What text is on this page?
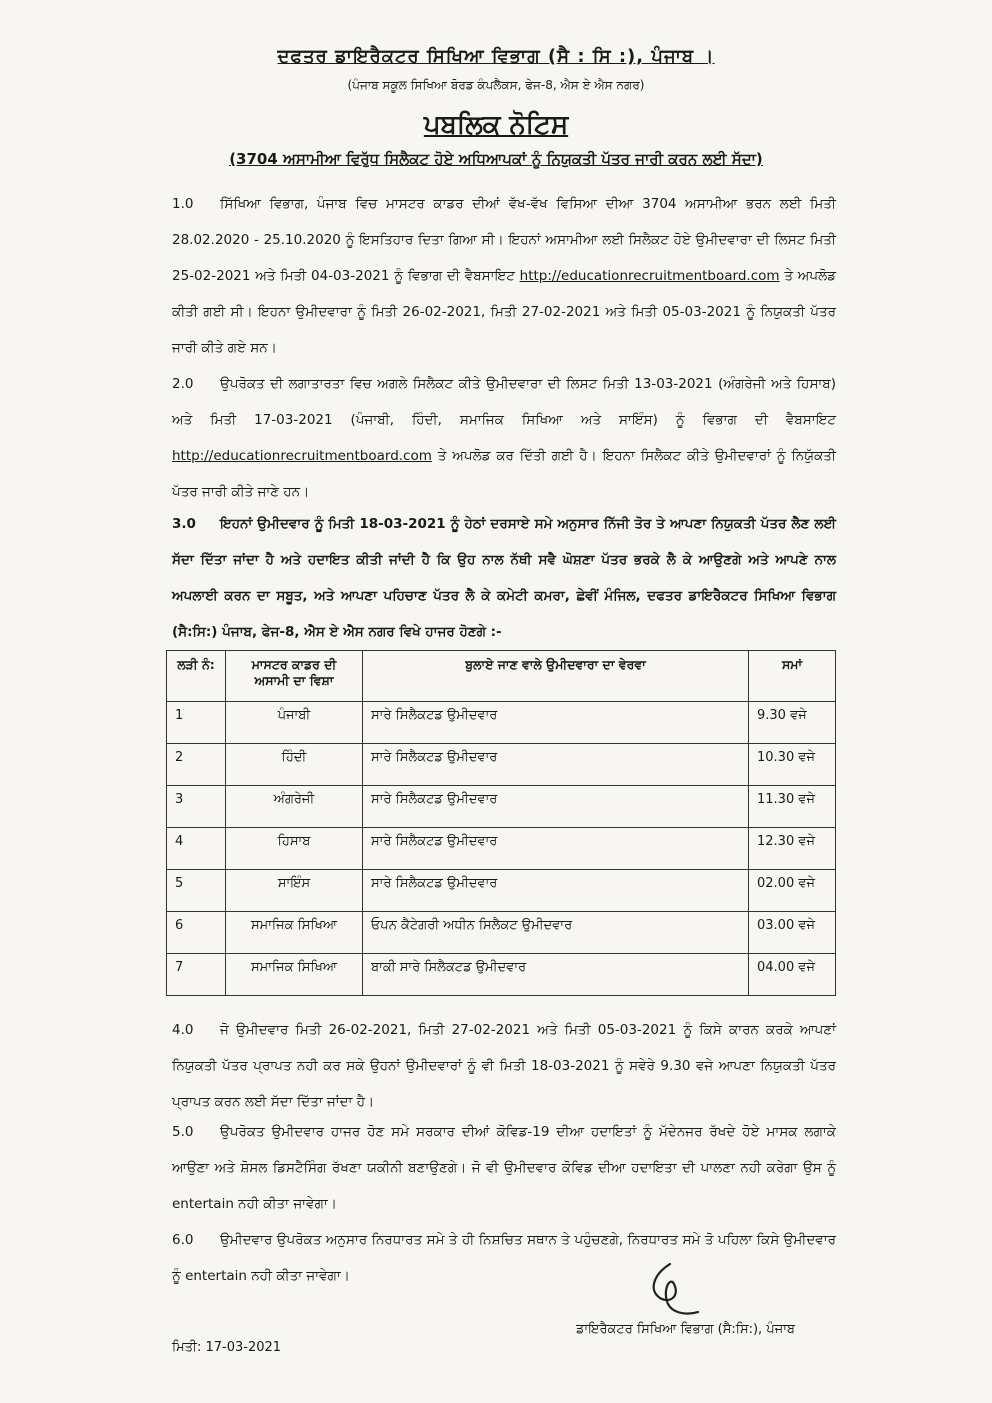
ਦਫਤਰ ਡਾਇਰੈਕਟਰ ਸਿਖਿਆ ਵਿਭਾਗ (ਸੈ : ਸਿ :), ਪੰਜਾਬ ।
(ਪੰਜਾਬ ਸਕੂਲ ਸਿਖਿਆ ਬੋਰਡ ਕੰਪਲੈਕਸ, ਫੇਜ-8, ਐਸ ਏ ਐਸ ਨਗਰ)
ਪਬਲਿਕ ਨੋਟਿਸ
(3704 ਅਸਾਮੀਆ ਵਿਰੁੱਧ ਸਿਲੈਕਟ ਹੋਏ ਅਧਿਆਪਕਾਂ ਨੂੰ ਨਿਯੁਕਤੀ ਪੱਤਰ ਜਾਰੀ ਕਰਨ ਲਈ ਸੱਦਾ)
1.0 ਸਿੱਖਿਆ ਵਿਭਾਗ, ਪੰਜਾਬ ਵਿਚ ਮਾਸਟਰ ਕਾਡਰ ਦੀਆਂ ਵੱਖ-ਵੱਖ ਵਿਸਿਆ ਦੀਆ 3704 ਅਸਾਮੀਆ ਭਰਨ ਲਈ ਮਿਤੀ 28.02.2020 - 25.10.2020 ਨੂੰ ਇਸਤਿਹਾਰ ਦਿਤਾ ਗਿਆ ਸੀ। ਇਹਨਾਂ ਅਸਾਮੀਆ ਲਈ ਸਿਲੈਕਟ ਹੋਏ ਉਮੀਦਵਾਰਾ ਦੀ ਲਿਸਟ ਮਿਤੀ 25-02-2021 ਅਤੇ ਮਿਤੀ 04-03-2021 ਨੂੰ ਵਿਭਾਗ ਦੀ ਵੈਬਸਾਇਟ http://educationrecruitmentboard.com ਤੇ ਅਪਲੋਡ ਕੀਤੀ ਗਈ ਸੀ। ਇਹਨਾ ਉਮੀਦਵਾਰਾ ਨੂੰ ਮਿਤੀ 26-02-2021, ਮਿਤੀ 27-02-2021 ਅਤੇ ਮਿਤੀ 05-03-2021 ਨੂੰ ਨਿਯੁਕਤੀ ਪੱਤਰ ਜਾਰੀ ਕੀਤੇ ਗਏ ਸਨ।
2.0 ਉਪਰੋਕਤ ਦੀ ਲਗਾਤਾਰਤਾ ਵਿਚ ਅਗਲੇ ਸਿਲੈਕਟ ਕੀਤੇ ਉਮੀਦਵਾਰਾ ਦੀ ਲਿਸਟ ਮਿਤੀ 13-03-2021 (ਅੰਗਰੇਜੀ ਅਤੇ ਹਿਸਾਬ) ਅਤੇ ਮਿਤੀ 17-03-2021 (ਪੰਜਾਬੀ, ਹਿੰਦੀ, ਸਮਾਜਿਕ ਸਿਖਿਆ ਅਤੇ ਸਾਇੰਸ) ਨੂੰ ਵਿਭਾਗ ਦੀ ਵੈਬਸਾਇਟ http://educationrecruitmentboard.com ਤੇ ਅਪਲੋਡ ਕਰ ਦਿੱਤੀ ਗਈ ਹੈ। ਇਹਨਾ ਸਿਲੈਕਟ ਕੀਤੇ ਉਮੀਦਵਾਰਾਂ ਨੂੰ ਨਿਯੁੱਕਤੀ ਪੱਤਰ ਜਾਰੀ ਕੀਤੇ ਜਾਣੇ ਹਨ।
3.0 ਇਹਨਾਂ ਉਮੀਦਵਾਰ ਨੂੰ ਮਿਤੀ 18-03-2021 ਨੂੰ ਹੇਠਾਂ ਦਰਸਾਏ ਸਮੇ ਅਨੁਸਾਰ ਨਿੱਜੀ ਤੋਰ ਤੇ ਆਪਣਾ ਨਿਯੁਕਤੀ ਪੱਤਰ ਲੈਣ ਲਈ ਸੱਦਾ ਦਿੱਤਾ ਜਾਂਦਾ ਹੈ ਅਤੇ ਹਦਾਇਤ ਕੀਤੀ ਜਾਂਦੀ ਹੈ ਕਿ ਉਹ ਨਾਲ ਨੱਥੀ ਸਵੈ ਘੋਸ਼ਣਾ ਪੱਤਰ ਭਰਕੇ ਲੈ ਕੇ ਆਉਣਗੇ ਅਤੇ ਆਪਣੇ ਨਾਲ ਅਪਲਾਈ ਕਰਨ ਦਾ ਸਬੂਤ, ਅਤੇ ਆਪਣਾ ਪਹਿਚਾਣ ਪੱਤਰ ਲੈ ਕੇ ਕਮੇਟੀ ਕਮਰਾ, ਛੇਵੀਂ ਮੰਜਿਲ, ਦਫਤਰ ਡਾਇਰੈਕਟਰ ਸਿਖਿਆ ਵਿਭਾਗ (ਸੈ:ਸਿ:) ਪੰਜਾਬ, ਫੇਜ-8, ਐਸ ਏ ਐਸ ਨਗਰ ਵਿਖੇ ਹਾਜਰ ਹੋਣਗੇ :-
ਲੜੀ ਨੰ:	ਮਾਸਟਰ ਕਾਡਰ ਦੀ ਅਸਾਮੀ ਦਾ ਵਿਸ਼ਾ	ਬੁਲਾਏ ਜਾਣ ਵਾਲੇ ਉਮੀਦਵਾਰਾ ਦਾ ਵੇਰਵਾ	ਸਮਾਂ
1	ਪੰਜਾਬੀ	ਸਾਰੇ ਸਿਲੈਕਟਡ ਉਮੀਦਵਾਰ	9.30 ਵਜੇ
2	ਹਿੰਦੀ	ਸਾਰੇ ਸਿਲੈਕਟਡ ਉਮੀਦਵਾਰ	10.30 ਵਜੇ
3	ਅੰਗਰੇਜੀ	ਸਾਰੇ ਸਿਲੈਕਟਡ ਉਮੀਦਵਾਰ	11.30 ਵਜੇ
4	ਹਿਸਾਬ	ਸਾਰੇ ਸਿਲੈਕਟਡ ਉਮੀਦਵਾਰ	12.30 ਵਜੇ
5	ਸਾਇੰਸ	ਸਾਰੇ ਸਿਲੈਕਟਡ ਉਮੀਦਵਾਰ	02.00 ਵਜੇ
6	ਸਮਾਜਿਕ ਸਿਖਿਆ	ਓਪਨ ਕੈਟੇਗਰੀ ਅਧੀਨ ਸਿਲੈਕਟ ਉਮੀਦਵਾਰ	03.00 ਵਜੇ
7	ਸਮਾਜਿਕ ਸਿਖਿਆ	ਬਾਕੀ ਸਾਰੇ ਸਿਲੈਕਟਡ ਉਮੀਦਵਾਰ	04.00 ਵਜੇ
4.0 ਜੋ ਉਮੀਦਵਾਰ ਮਿਤੀ 26-02-2021, ਮਿਤੀ 27-02-2021 ਅਤੇ ਮਿਤੀ 05-03-2021 ਨੂੰ ਕਿਸੇ ਕਾਰਨ ਕਰਕੇ ਆਪਣਾਂ ਨਿਯੁਕਤੀ ਪੱਤਰ ਪ੍ਰਾਪਤ ਨਹੀ ਕਰ ਸਕੇ ਉਹਨਾਂ ਉਮੀਦਵਾਰਾਂ ਨੂੰ ਵੀ ਮਿਤੀ 18-03-2021 ਨੂੰ ਸਵੇਰੇ 9.30 ਵਜੇ ਆਪਣਾ ਨਿਯੁਕਤੀ ਪੱਤਰ ਪ੍ਰਾਪਤ ਕਰਨ ਲਈ ਸੱਦਾ ਦਿੱਤਾ ਜਾਂਦਾ ਹੈ।
5.0 ਉਪਰੋਕਤ ਉਮੀਦਵਾਰ ਹਾਜਰ ਹੋਣ ਸਮੇ ਸਰਕਾਰ ਦੀਆਂ ਕੋਵਿਡ-19 ਦੀਆ ਹਦਾਇਤਾਂ ਨੂੰ ਮੱਦੇਨਜਰ ਰੱਖਦੇ ਹੋਏ ਮਾਸਕ ਲਗਾਕੇ ਆਉਣਾ ਅਤੇ ਸ਼ੋਸਲ ਡਿਸਟੈਸਿੰਗ ਰੱਖਣਾ ਯਕੀਨੀ ਬਣਾਉਣਗੇ। ਜੋ ਵੀ ਉਮੀਦਵਾਰ ਕੋਵਿਡ ਦੀਆ ਹਦਾਇਤਾ ਦੀ ਪਾਲਣਾ ਨਹੀ ਕਰੇਗਾ ਉਸ ਨੂੰ entertain ਨਹੀ ਕੀਤਾ ਜਾਵੇਗਾ।
6.0 ਉਮੀਦਵਾਰ ਉਪਰੋਕਤ ਅਨੁਸਾਰ ਨਿਰਧਾਰਤ ਸਮੇ ਤੇ ਹੀ ਨਿਸ਼ਚਿਤ ਸਥਾਨ ਤੇ ਪਹੁੰਚਣਗੇ, ਨਿਰਧਾਰਤ ਸਮੇ ਤੋ ਪਹਿਲਾ ਕਿਸੇ ਉਮੀਦਵਾਰ ਨੂੰ entertain ਨਹੀ ਕੀਤਾ ਜਾਵੇਗਾ।
ਡਾਇਰੈਕਟਰ ਸਿਖਿਆ ਵਿਭਾਗ (ਸੈ:ਸਿ:), ਪੰਜਾਬ
ਮਿਤੀ: 17-03-2021
